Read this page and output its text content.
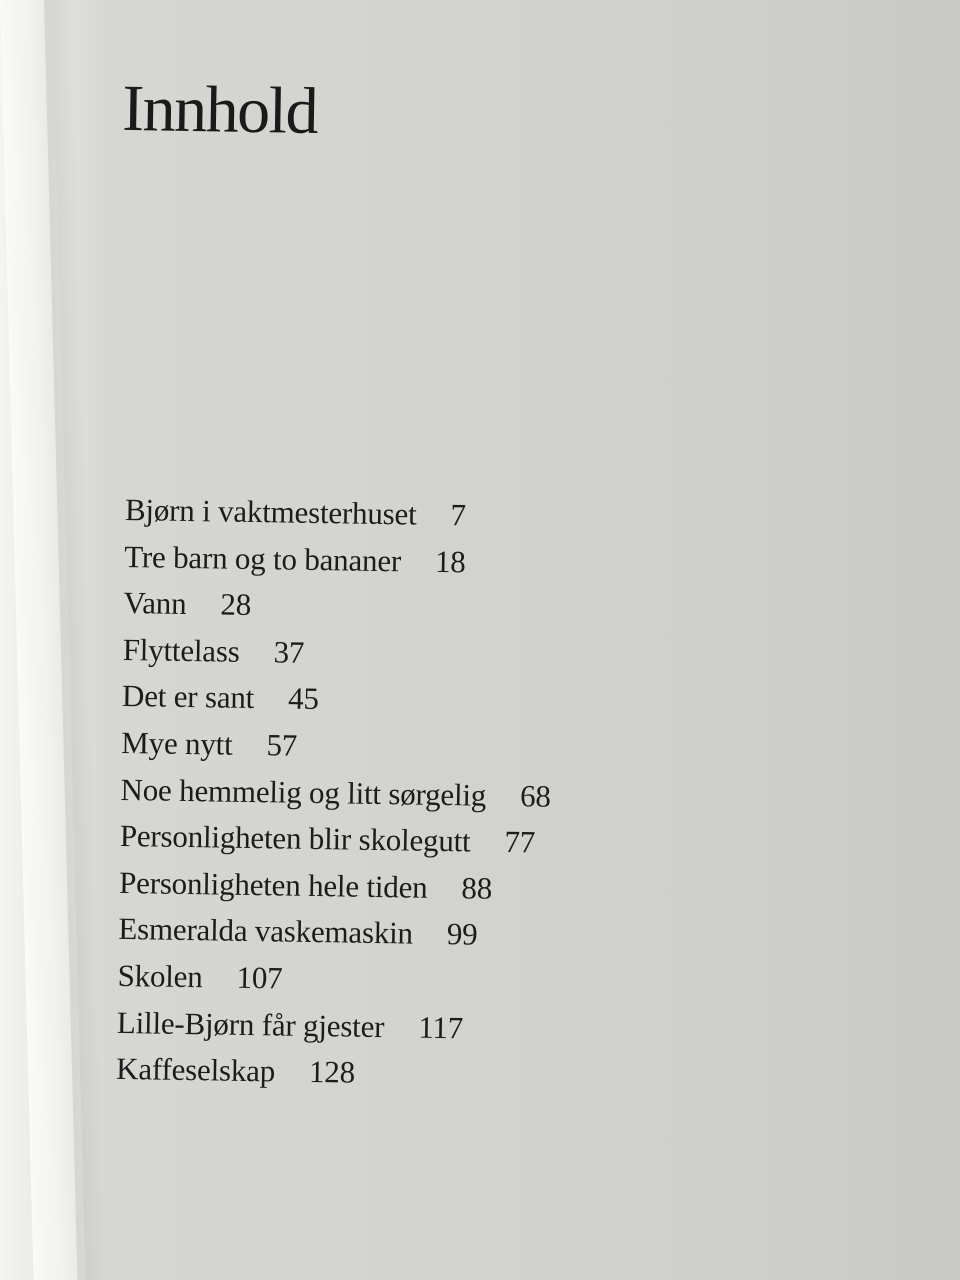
Innhold
Bjørn i vaktmesterhuset 7
Tre barn og to bananer 18
Vann 28
Flyttelass 37
Det er sant 45
Mye nytt 57
Noe hemmelig og litt sørgelig 68
Personligheten blir skolegutt 77
Personligheten hele tiden 88
Esmeralda vaskemaskin 99
Skolen 107
Lille-Bjørn får gjester 117
Kaffeselskap 128
